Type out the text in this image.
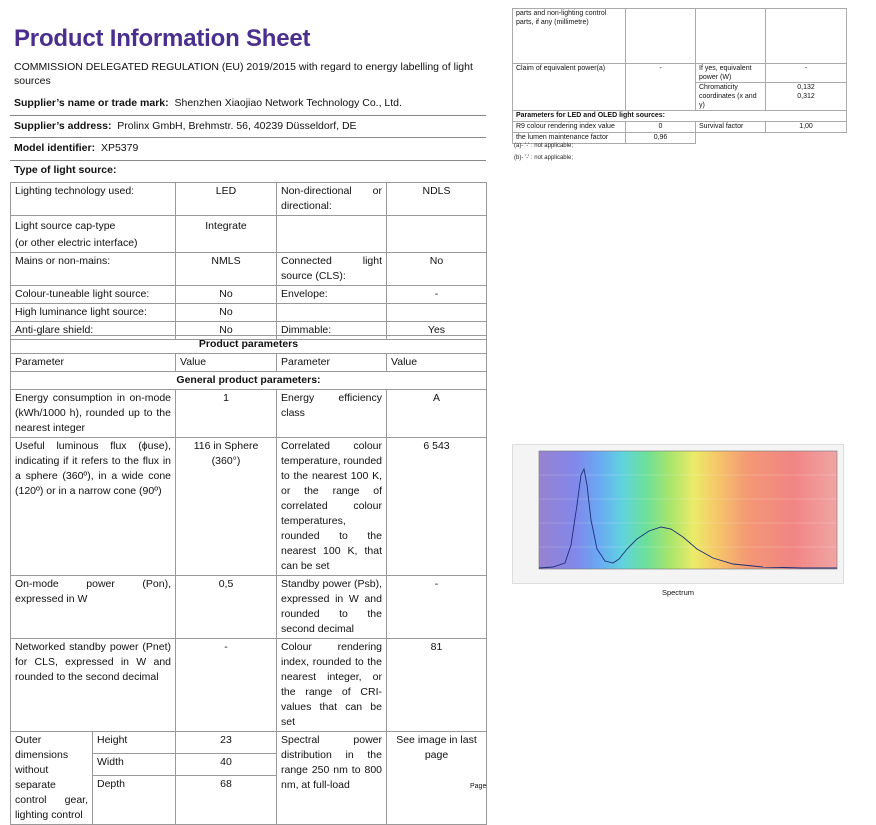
Product Information Sheet
COMMISSION DELEGATED REGULATION (EU) 2019/2015 with regard to energy labelling of light sources
Supplier’s name or trade mark: Shenzhen Xiaojiao Network Technology Co., Ltd.
Supplier’s address: Prolinx GmbH, Brehmstr. 56, 40239 Düsseldorf, DE
Model identifier: XP5379
Type of light source:
Lighting technology used:	LED	Non-directional or directional:	NDLS

Light source cap-type
(or other electric interface)	Integrate		
Mains or non-mains:	NMLS	Connected light source (CLS):	No
Colour-tuneable light source:	No	Envelope:	-
High luminance light source:	No		
Anti-glare shield:	No	Dimmable:	Yes
Product parameters				
Parameter		Value	Parameter	Value
General product parameters:				
Energy consumption in on-mode (kWh/1000 h), rounded up to the nearest integer		1	Energy efficiency class	A
Useful luminous flux (ϕuse), indicating if it refers to the flux in a sphere (360º), in a wide cone (120º) or in a narrow cone (90º)		116 in Sphere (360°)	Correlated colour temperature, rounded to the nearest 100 K, or the range of correlated colour temperatures, rounded to the nearest 100 K, that can be set	6 543
On-mode power (Pon), expressed in W		0,5	Standby power (Psb), expressed in W and rounded to the second decimal	-
Networked standby power (Pnet) for CLS, expressed in W and rounded to the second decimal		-	Colour rendering index, rounded to the nearest integer, or the range of CRI-values that can be set	81
Outer dimensions without separate control gear, lighting control	Height	23	Spectral power distribution in the range 250 nm to 800 nm, at full-load	See image in last page
	Width	40		
	Depth	68		
parts and non-lighting control parts, if any (millimetre)			
Claim of equivalent power(a)	-	If yes, equivalent power (W)	-
		Chromaticity coordinates (x and y)	0,132
0,312

Parameters for LED and OLED light sources:			
R9 colour rendering index value	0	Survival factor	1,00
the lumen maintenance factor	0,96		
(a)- '-' : not applicable;
(b)- '-' : not applicable;
Spectrum
Page
